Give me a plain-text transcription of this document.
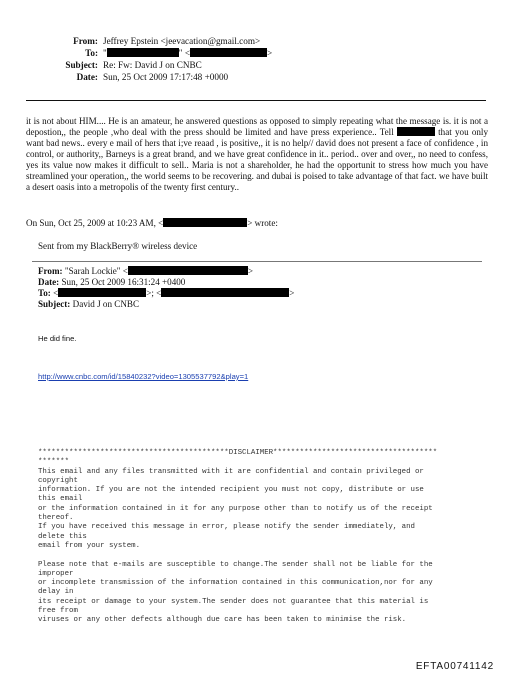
From: Jeffrey Epstein <jeevacation@gmail.com>
To: "	" <	>
Subject: Re: Fw: David J on CNBC
Date: Sun, 25 Oct 2009 17:17:48 +0000
it is not about HIM.... He is an amateur, he answered questions as opposed to simply repeating what the message is. it is not a depostion,, the people ,who deal with the press should be limited and have press experience.. Tell	that you only want bad news.. every e mail of hers that i;ve reaad , is positive,, it is no help// david does not present a face of confidence , in control, or authority,, Barneys is a great brand, and we have great confidence in it.. period.. over and over,, no need to confess, yes its value now makes it difficult to sell.. Maria is not a shareholder, he had the opportunit to stress how much you have streamlined your operation,, the world seems to be recovering. and dubai is poised to take advantage of that fact. we have built a desert oasis into a metropolis of the twenty first century..
On Sun, Oct 25, 2009 at 10:23 AM, <	> wrote:
Sent from my BlackBerry® wireless device
From: "Sarah Lockie" <	>
Date: Sun, 25 Oct 2009 16:31:24 +0400
To: <	>; <	>
Subject: David J on CNBC
He did fine.
http://www.cnbc.com/id/15840232?video=1305537792&play=1
*******************************************DISCLAIMER*************************************
*******
This email and any files transmitted with it are confidential and contain privileged or
copyright
information. If you are not the intended recipient you must not copy, distribute or use
this email
or the information contained in it for any purpose other than to notify us of the receipt
thereof.
If you have received this message in error, please notify the sender immediately, and
delete this
email from your system.
Please note that e-mails are susceptible to change.The sender shall not be liable for the
improper
or incomplete transmission of the information contained in this communication,nor for any
delay in
its receipt or damage to your system.The sender does not guarantee that this material is
free from
viruses or any other defects although due care has been taken to minimise the risk.
EFTA00741142
